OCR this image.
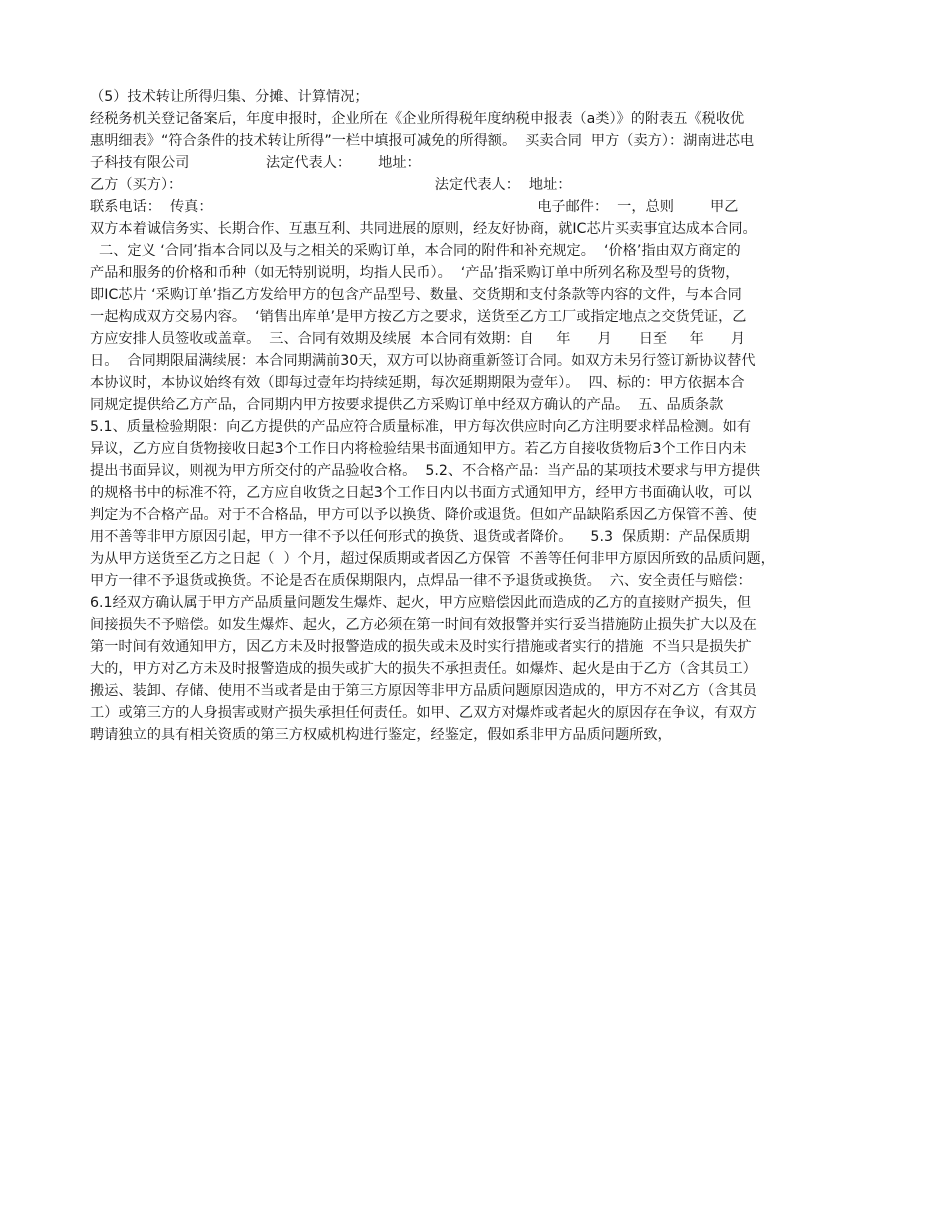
（5）技术转让所得归集、分摊、计算情况；
经税务机关登记备案后，年度申报时，企业所在《企业所得税年度纳税申报表（a类）》的附表五《税收优
惠明细表》“符合条件的技术转让所得”一栏中填报可减免的所得额。  买卖合同  甲方（卖方）：湖南进芯电
子科技有限公司                 法定代表人：      地址：
乙方（买方）：                                                        法定代表人：  地址：
联系电话：  传真：                                                                        电子邮件：  一，总则        甲乙
双方本着诚信务实、长期合作、互惠互利、共同进展的原则，经友好协商，就IC芯片买卖事宜达成本合同。
二、定义 ‘合同’指本合同以及与之相关的采购订单，本合同的附件和补充规定。  ‘价格’指由双方商定的
产品和服务的价格和币种（如无特别说明，均指人民币）。  ‘产品’指采购订单中所列名称及型号的货物，
即IC芯片 ‘采购订单’指乙方发给甲方的包含产品型号、数量、交货期和支付条款等内容的文件，与本合同
一起构成双方交易内容。  ‘销售出库单’是甲方按乙方之要求，送货至乙方工厂或指定地点之交货凭证，乙
方应安排人员签收或盖章。  三、合同有效期及续展  本合同有效期：自     年      月      日至     年      月
日。  合同期限届满续展：本合同期满前30天，双方可以协商重新签订合同。如双方未另行签订新协议替代
本协议时，本协议始终有效（即每过壹年均持续延期，每次延期期限为壹年）。  四、标的：甲方依据本合
同规定提供给乙方产品，合同期内甲方按要求提供乙方采购订单中经双方确认的产品。  五、品质条款
5.1、质量检验期限：向乙方提供的产品应符合质量标准，甲方每次供应时向乙方注明要求样品检测。如有
异议，乙方应自货物接收日起3个工作日内将检验结果书面通知甲方。若乙方自接收货物后3个工作日内未
提出书面异议，则视为甲方所交付的产品验收合格。  5.2、不合格产品：当产品的某项技术要求与甲方提供
的规格书中的标准不符，乙方应自收货之日起3个工作日内以书面方式通知甲方，经甲方书面确认收，可以
判定为不合格产品。对于不合格品，甲方可以予以换货、降价或退货。但如产品缺陷系因乙方保管不善、使
用不善等非甲方原因引起，甲方一律不予以任何形式的换货、退货或者降价。    5.3  保质期：产品保质期
为从甲方送货至乙方之日起（  ）个月，超过保质期或者因乙方保管  不善等任何非甲方原因所致的品质问题，
甲方一律不予退货或换货。不论是否在质保期限内，点焊品一律不予退货或换货。  六、安全责任与赔偿：
6.1经双方确认属于甲方产品质量问题发生爆炸、起火，甲方应赔偿因此而造成的乙方的直接财产损失，但
间接损失不予赔偿。如发生爆炸、起火，乙方必须在第一时间有效报警并实行妥当措施防止损失扩大以及在
第一时间有效通知甲方，因乙方未及时报警造成的损失或未及时实行措施或者实行的措施  不当只是损失扩
大的，甲方对乙方未及时报警造成的损失或扩大的损失不承担责任。如爆炸、起火是由于乙方（含其员工）
搬运、装卸、存储、使用不当或者是由于第三方原因等非甲方品质问题原因造成的，甲方不对乙方（含其员
工）或第三方的人身损害或财产损失承担任何责任。如甲、乙双方对爆炸或者起火的原因存在争议，有双方
聘请独立的具有相关资质的第三方权威机构进行鉴定，经鉴定，假如系非甲方品质问题所致，
